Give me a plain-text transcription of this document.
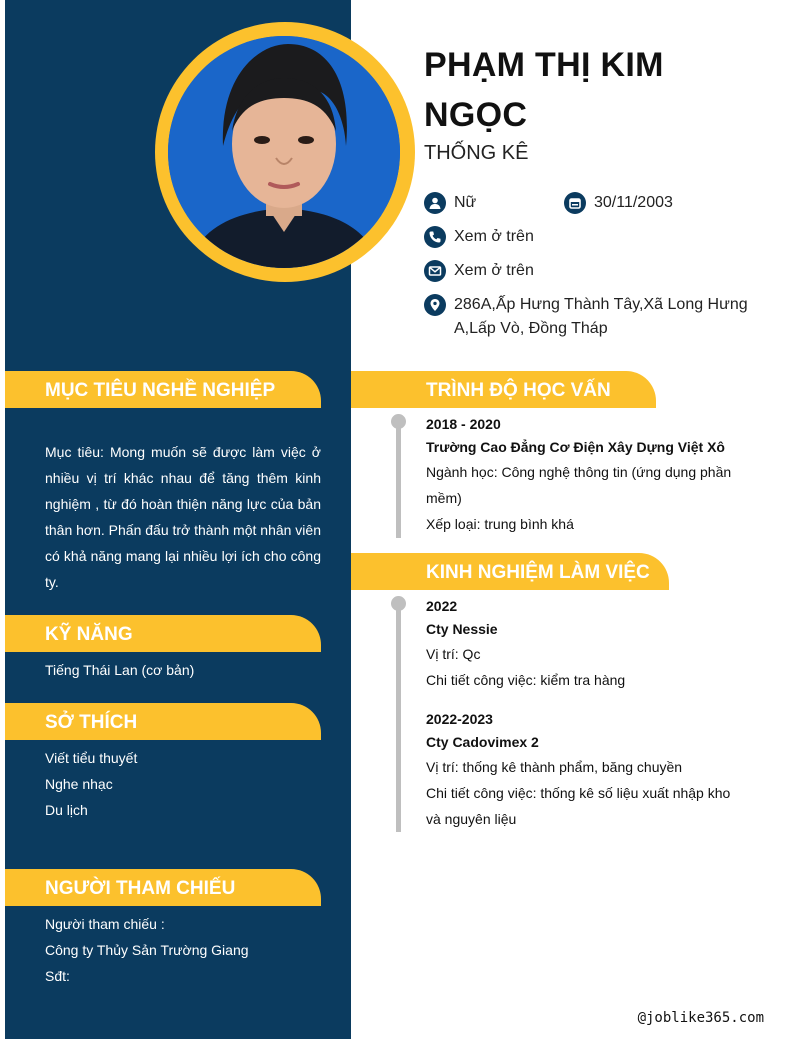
PHẠM THỊ KIM NGỌC
THỐNG KÊ
Nữ	30/11/2003
Xem ở trên
Xem ở trên
286A,Ấp Hưng Thành Tây,Xã Long Hưng A,Lấp Vò, Đồng Tháp
MỤC TIÊU NGHỀ NGHIỆP
Mục tiêu: Mong muốn sẽ được làm việc ở nhiều vị trí khác nhau để tăng thêm kinh nghiệm , từ đó hoàn thiện năng lực của bản thân hơn. Phấn đấu trở thành một nhân viên có khả năng mang lại nhiều lợi ích cho công ty.
KỸ NĂNG
Tiếng Thái Lan (cơ bản)
SỞ THÍCH
Viết tiểu thuyết
Nghe nhạc
Du lịch
NGƯỜI THAM CHIẾU
Người tham chiếu :
Công ty Thủy Sản Trường Giang
Sđt:
TRÌNH ĐỘ HỌC VẤN
2018 - 2020
Trường Cao Đẳng Cơ Điện Xây Dựng Việt Xô
Ngành học: Công nghệ thông tin (ứng dụng phần mềm)
Xếp loại: trung bình khá
KINH NGHIỆM LÀM VIỆC
2022
Cty Nessie
Vị trí: Qc
Chi tiết công việc: kiểm tra hàng
2022-2023
Cty Cadovimex 2
Vị trí: thống kê thành phẩm, băng chuyền
Chi tiết công việc: thống kê số liệu xuất nhập kho và nguyên liệu
@joblike365.com
